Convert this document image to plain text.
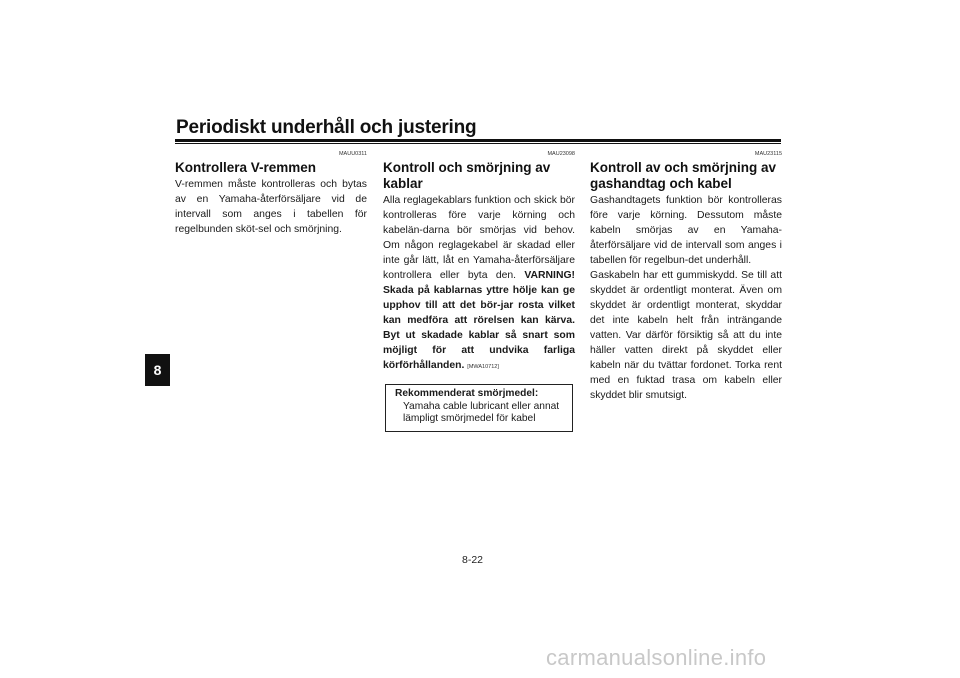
Periodiskt underhåll och justering
8
MAUU0311
Kontrollera V-remmen
V-remmen måste kontrolleras och bytas av en Yamaha-återförsäljare vid de intervall som anges i tabellen för regelbunden sköt-sel och smörjning.
MAU23098
Kontroll och smörjning av kablar
Alla reglagekablars funktion och skick bör kontrolleras före varje körning och kabelän-darna bör smörjas vid behov. Om någon reglagekabel är skadad eller inte går lätt, låt en Yamaha-återförsäljare kontrollera eller byta den. VARNING! Skada på kablarnas yttre hölje kan ge upphov till att det bör-jar rosta vilket kan medföra att rörelsen kan kärva. Byt ut skadade kablar så snart som möjligt för att undvika farliga körförhållanden. [MWA10712]
Rekommenderat smörjmedel:
Yamaha cable lubricant eller annat lämpligt smörjmedel för kabel
MAU23115
Kontroll av och smörjning av gashandtag och kabel
Gashandtagets funktion bör kontrolleras före varje körning. Dessutom måste kabeln smörjas av en Yamaha-återförsäljare vid de intervall som anges i tabellen för regelbun-det underhåll.
Gaskabeln har ett gummiskydd. Se till att skyddet är ordentligt monterat. Även om skyddet är ordentligt monterat, skyddar det inte kabeln helt från inträngande vatten. Var därför försiktig så att du inte häller vatten direkt på skyddet eller kabeln när du tvättar fordonet. Torka rent med en fuktad trasa om kabeln eller skyddet blir smutsigt.
8-22
carmanualsonline.info
